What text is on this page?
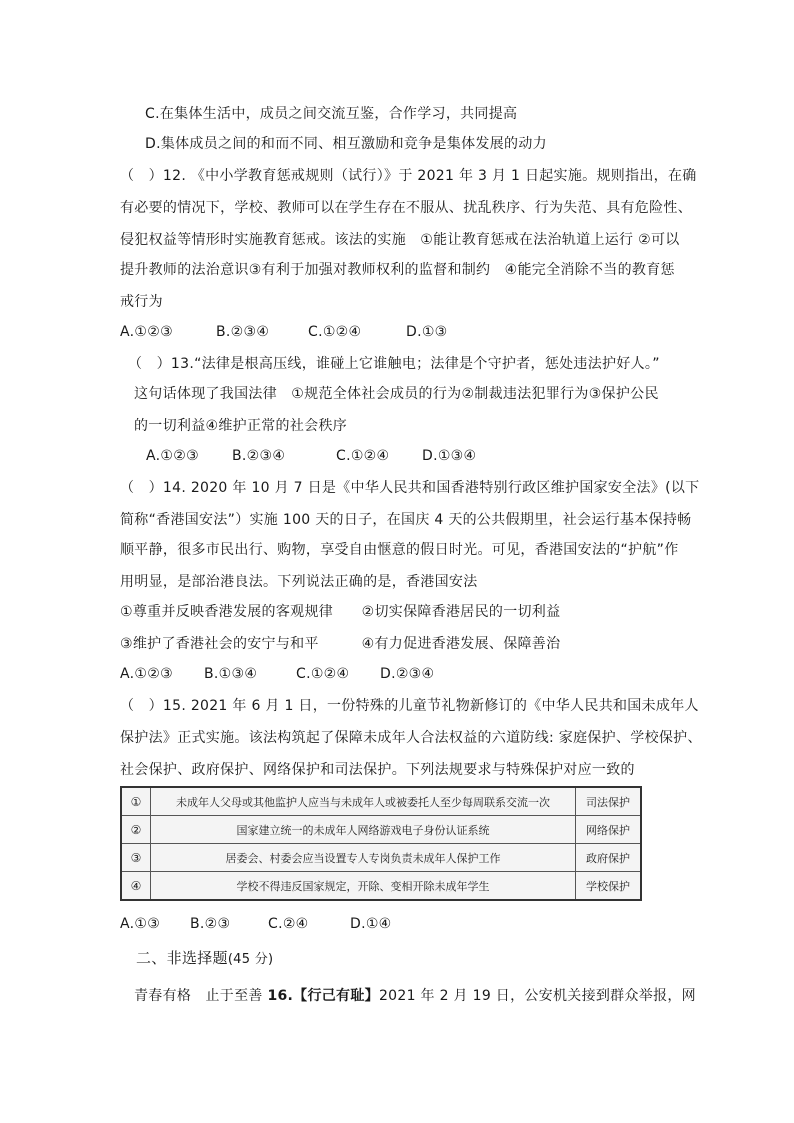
C.在集体生活中，成员之间交流互鉴，合作学习，共同提高
D.集体成员之间的和而不同、相互激励和竞争是集体发展的动力
（　）12. 《中小学教育惩戒规则（试行）》于 2021 年 3 月 1 日起实施。规则指出，在确
有必要的情况下，学校、教师可以在学生存在不服从、扰乱秩序、行为失范、具有危险性、
侵犯权益等情形时实施教育惩戒。该法的实施　①能让教育惩戒在法治轨道上运行 ②可以
提升教师的法治意识③有利于加强对教师权利的监督和制约　④能完全消除不当的教育惩
戒行为
A.①②③	B.②③④	C.①②④	D.①③
（　）13.“法律是根高压线，谁碰上它谁触电；法律是个守护者，惩处违法护好人。”
这句话体现了我国法律　①规范全体社会成员的行为②制裁违法犯罪行为③保护公民
的一切利益④维护正常的社会秩序
A.①②③ B.②③④	C.①②④ D.①③④
（　）14. 2020 年 10 月 7 日是《中华人民共和国香港特别行政区维护国家安全法》(以下
简称“香港国安法”）实施 100 天的日子，在国庆 4 天的公共假期里，社会运行基本保持畅
顺平静，很多市民出行、购物，享受自由惬意的假日时光。可见，香港国安法的“护航”作
用明显，是部治港良法。下列说法正确的是，香港国安法
①尊重并反映香港发展的客观规律　　②切实保障香港居民的一切利益
③维护了香港社会的安宁与和平　　　④有力促进香港发展、保障善治
A.①②③ B.①③④	C.①②④ D.②③④
（　）15. 2021 年 6 月 1 日，一份特殊的儿童节礼物新修订的《中华人民共和国未成年人
保护法》正式实施。该法构筑起了保障未成年人合法权益的六道防线: 家庭保护、学校保护、
社会保护、政府保护、网络保护和司法保护。下列法规要求与特殊保护对应一致的
①	未成年人父母或其他监护人应当与未成年人或被委托人至少每周联系交流一次	司法保护
②	国家建立统一的未成年人网络游戏电子身份认证系统	网络保护
③	居委会、村委会应当设置专人专岗负责未成年人保护工作	政府保护
④	学校不得违反国家规定，开除、变相开除未成年学生	学校保护
A.①③ B.②③	C.②④	D.①④
二、非选择题(45 分)
青春有格　止于至善 16.【行己有耻】2021 年 2 月 19 日，公安机关接到群众举报，网
